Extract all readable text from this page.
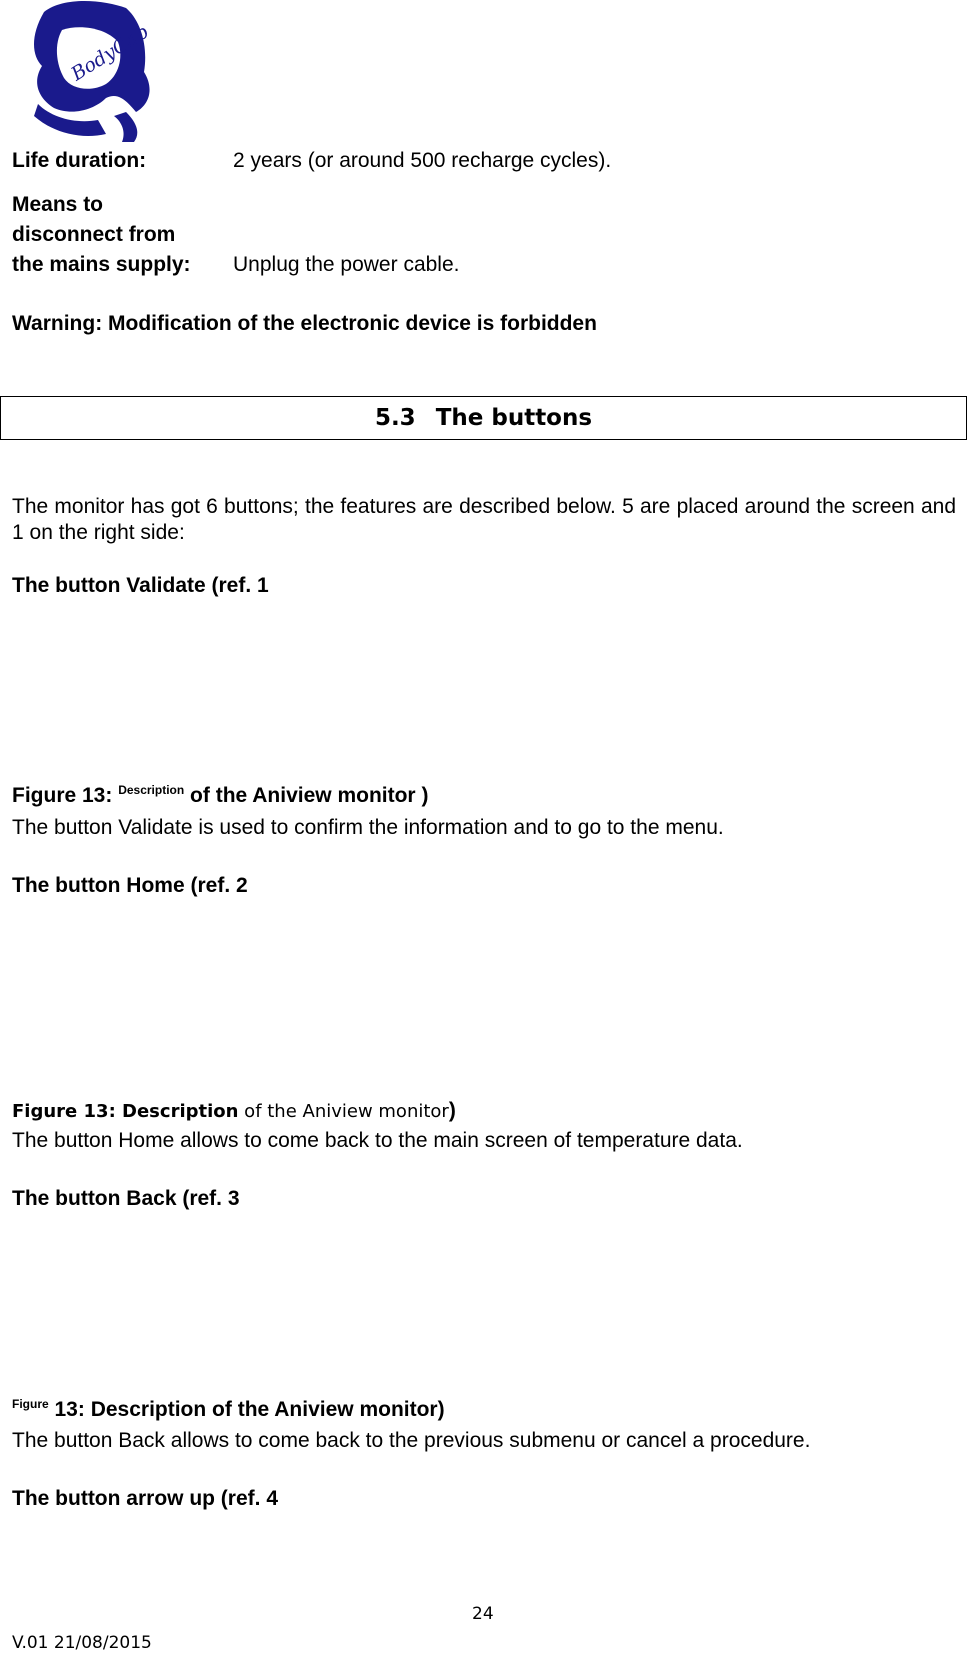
BodyCap
Life duration:	2 years (or around 500 recharge cycles).
Means to
disconnect from
the mains supply: Unplug the power cable.
Warning: Modification of the electronic device is forbidden
5.3 The buttons
The monitor has got 6 buttons; the features are described below. 5 are placed around the screen and 1 on the right side:
The button Validate (ref. 1
Figure 13: $^{Description}$ of the Aniview monitor )
The button Validate is used to confirm the information and to go to the menu.
The button Home (ref. 2
Figure 13: Description of the Aniview monitor)
The button Home allows to come back to the main screen of temperature data.
The button Back (ref. 3
$^{Figure}$ 13: Description of the Aniview monitor)
The button Back allows to come back to the previous submenu or cancel a procedure.
The button arrow up (ref. 4
24
V.01 21/08/2015
